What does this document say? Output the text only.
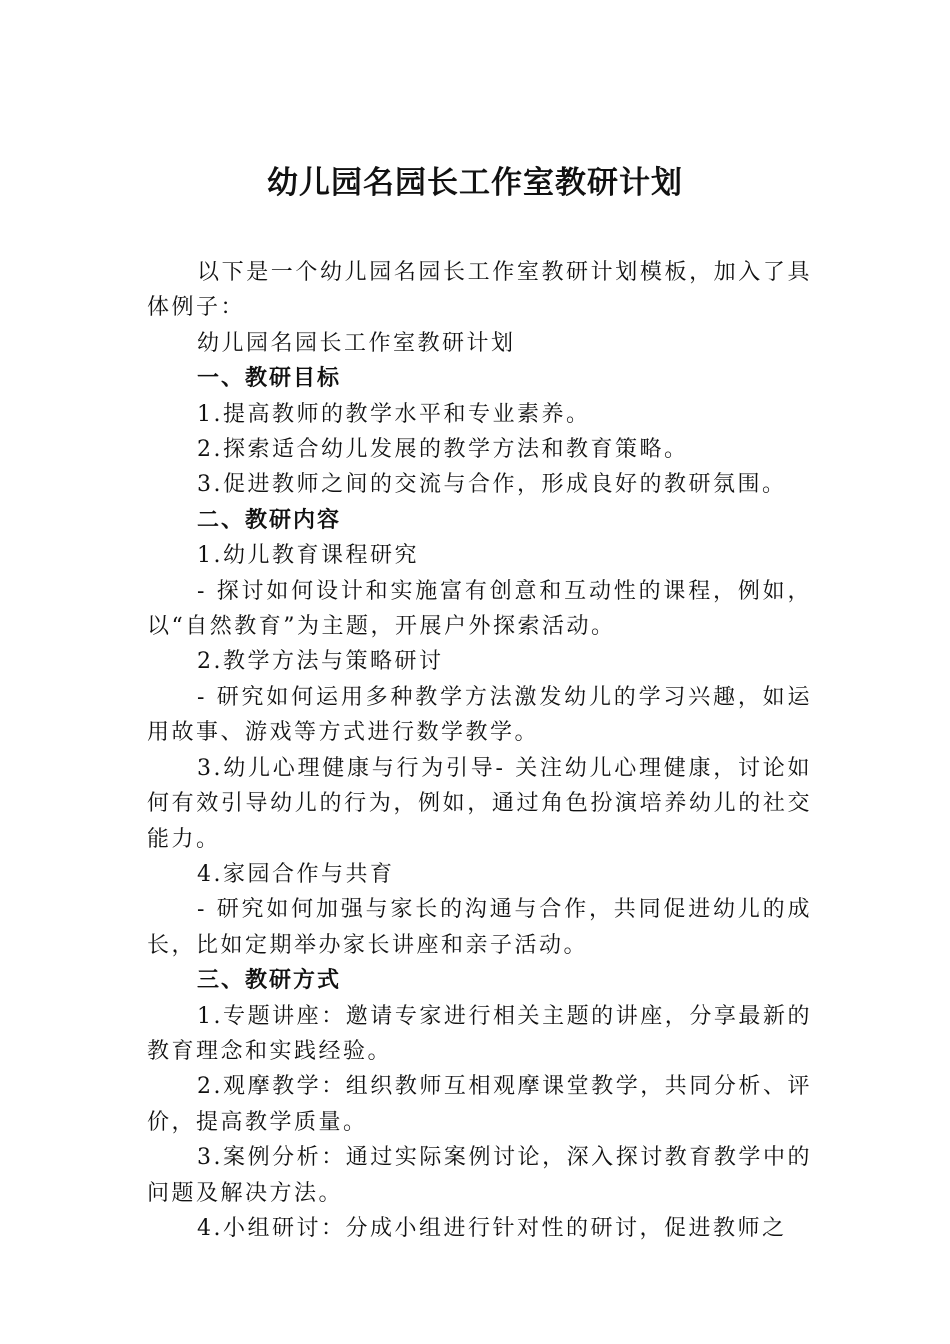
幼儿园名园长工作室教研计划

以下是一个幼儿园名园长工作室教研计划模板，加入了具体例子：

幼儿园名园长工作室教研计划

一、教研目标

1.提高教师的教学水平和专业素养。

2.探索适合幼儿发展的教学方法和教育策略。

3.促进教师之间的交流与合作，形成良好的教研氛围。

二、教研内容

1.幼儿教育课程研究

- 探讨如何设计和实施富有创意和互动性的课程，例如，以“自然教育”为主题，开展户外探索活动。

2.教学方法与策略研讨

- 研究如何运用多种教学方法激发幼儿的学习兴趣，如运用故事、游戏等方式进行数学教学。

3.幼儿心理健康与行为引导- 关注幼儿心理健康，讨论如何有效引导幼儿的行为，例如，通过角色扮演培养幼儿的社交能力。

4.家园合作与共育

- 研究如何加强与家长的沟通与合作，共同促进幼儿的成长，比如定期举办家长讲座和亲子活动。

三、教研方式

1.专题讲座：邀请专家进行相关主题的讲座，分享最新的教育理念和实践经验。

2.观摩教学：组织教师互相观摩课堂教学，共同分析、评价，提高教学质量。

3.案例分析：通过实际案例讨论，深入探讨教育教学中的问题及解决方法。

4.小组研讨：分成小组进行针对性的研讨，促进教师之
